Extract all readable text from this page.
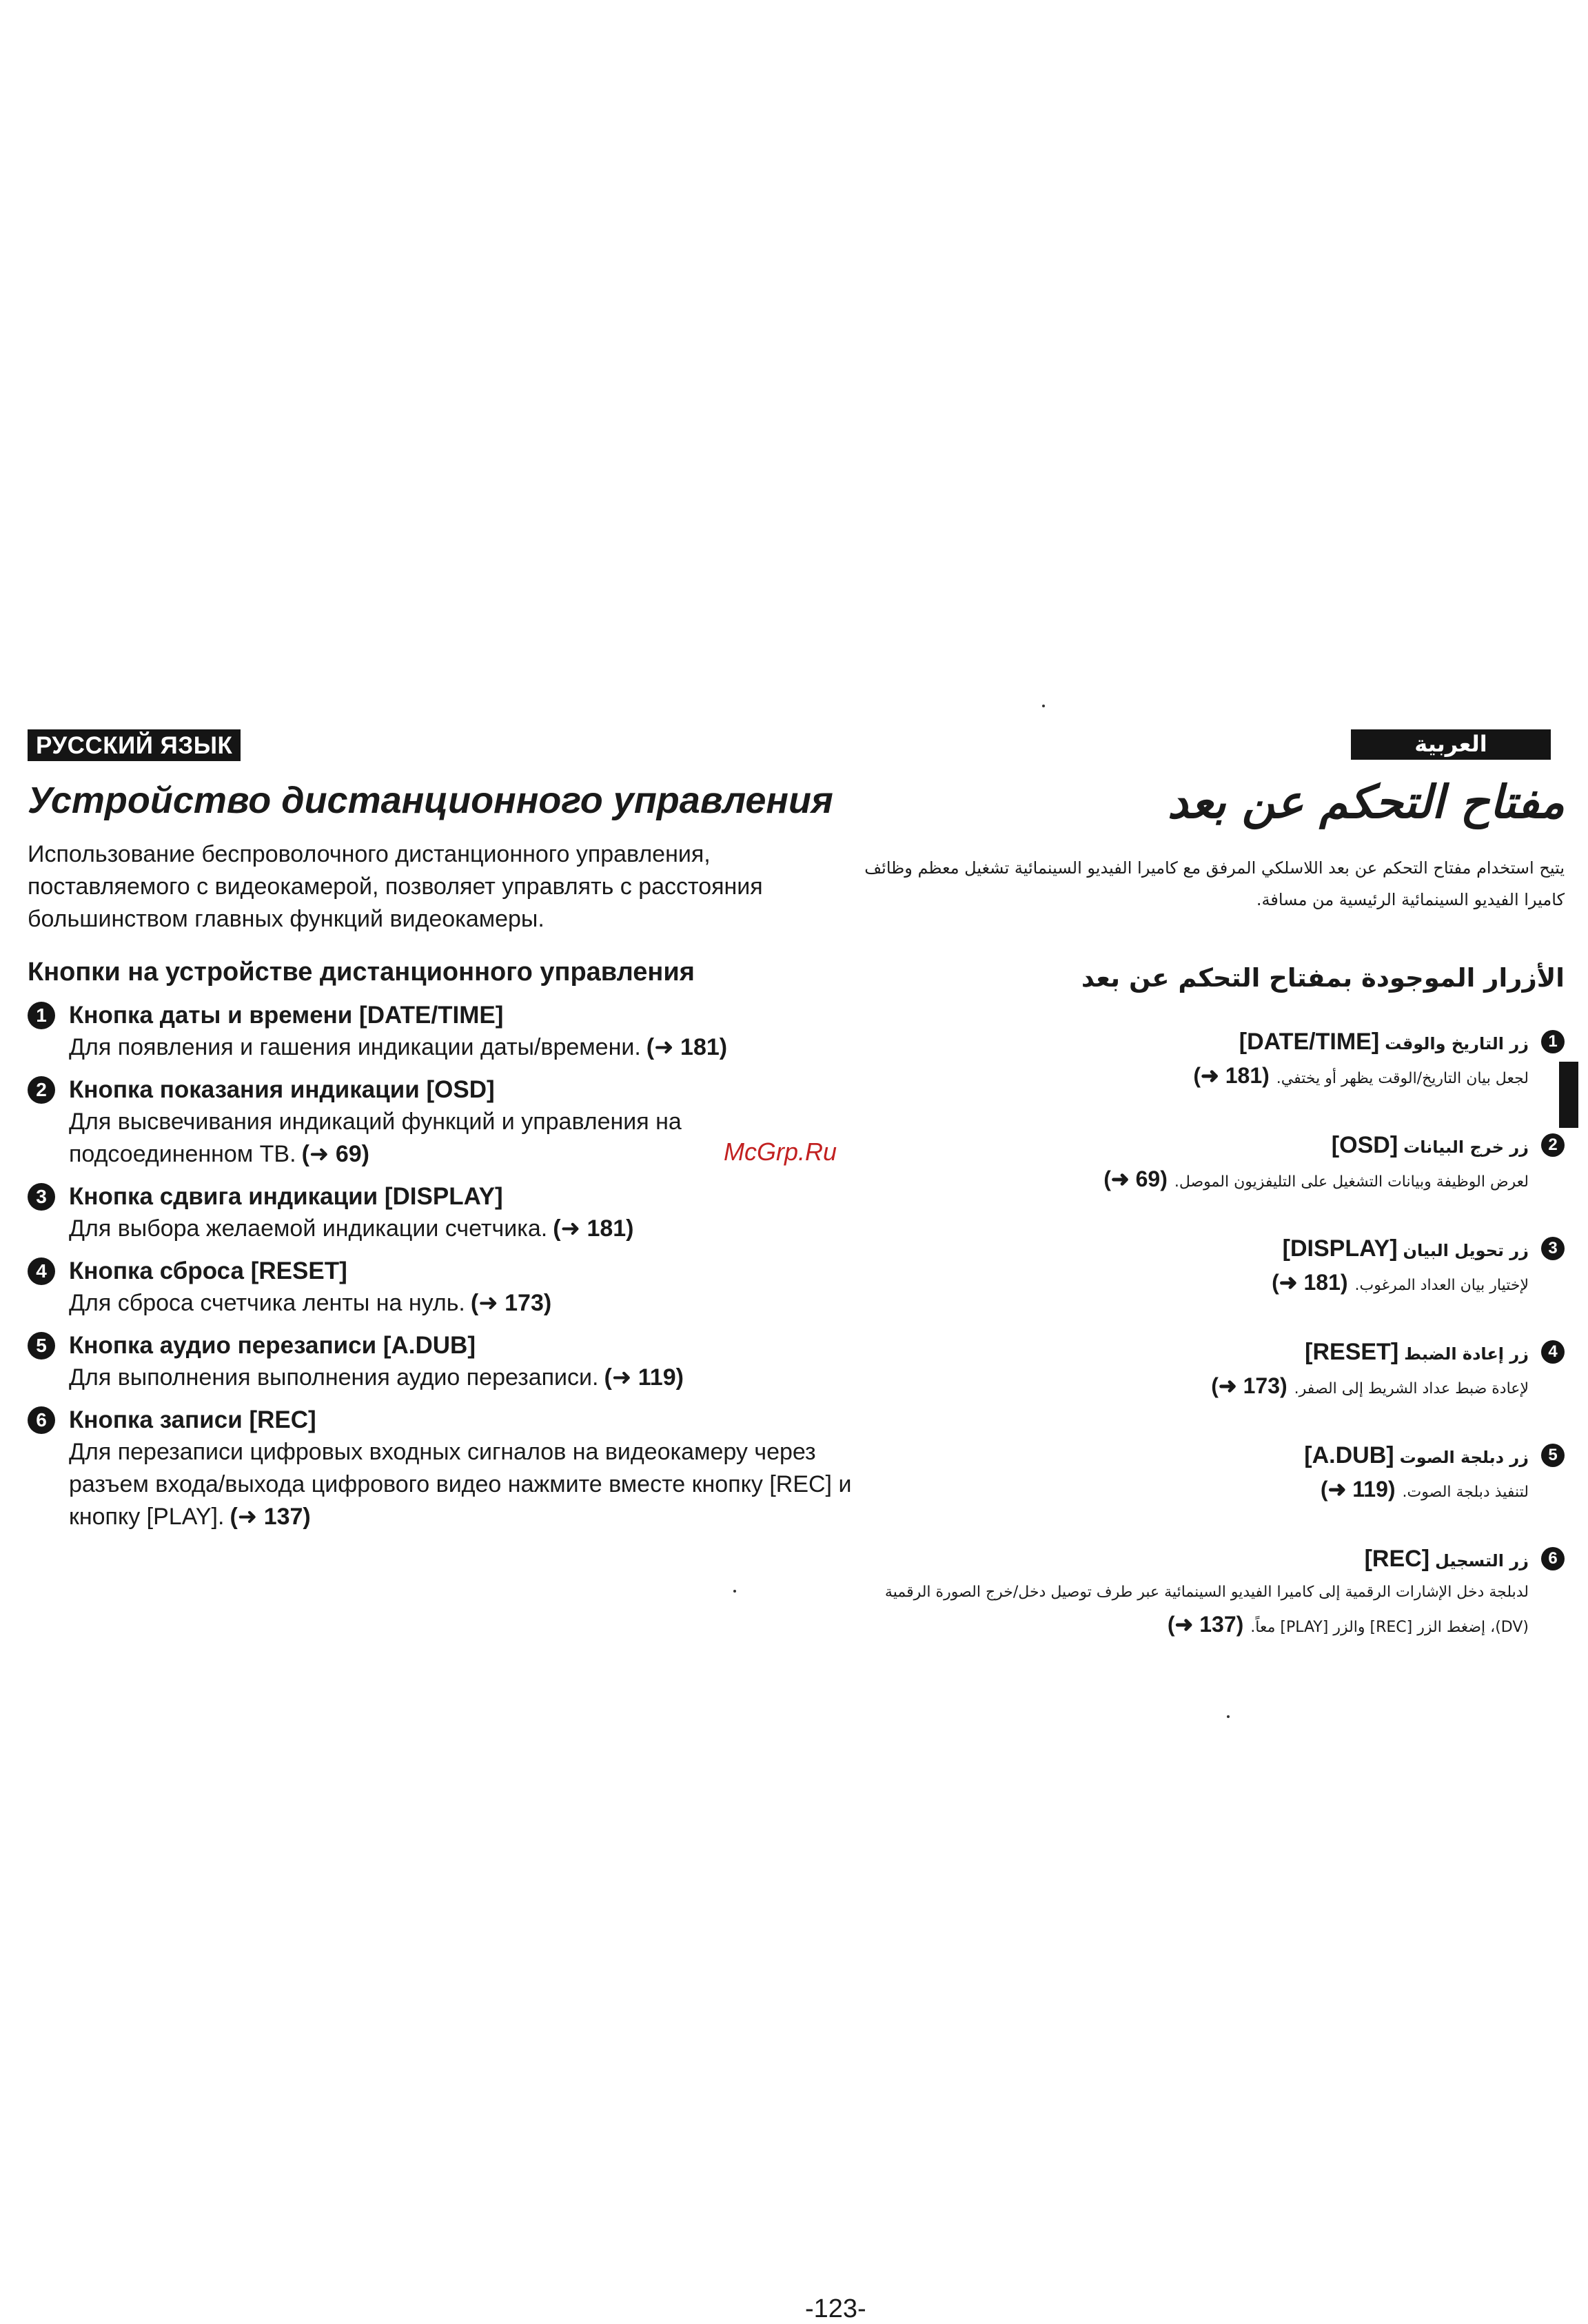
РУССКИЙ ЯЗЫК
Устройство дистанционного управления

Использование беспроволочного дистанционного управления, поставляемого с видеокамерой, позволяет управлять с расстояния большинством главных функций видеокамеры.

Кнопки на устройстве дистанционного управления
1 Кнопка даты и времени [DATE/TIME]
Для появления и гашения индикации даты/времени. (➜ 181)
2 Кнопка показания индикации [OSD]
Для высвечивания индикаций функций и управления на подсоединенном ТВ. (➜ 69)
3 Кнопка сдвига индикации [DISPLAY]
Для выбора желаемой индикации счетчика. (➜ 181)
4 Кнопка сброса [RESET]
Для сброса счетчика ленты на нуль. (➜ 173)
5 Кнопка аудио перезаписи [A.DUB]
Для выполнения выполнения аудио перезаписи. (➜ 119)
6 Кнопка записи [REC]
Для перезаписи цифровых входных сигналов на видеокамеру через разъем входа/выхода цифрового видео нажмите вместе кнопку [REC] и кнопку [PLAY]. (➜ 137)
McGrp.Ru
العربية
مفتاح التحكم عن بعد

يتيح استخدام مفتاح التحكم عن بعد اللاسلكي المرفق مع كاميرا الفيديو السينمائية تشغيل معظم وظائف كاميرا الفيديو السينمائية الرئيسية من مسافة.

الأزرار الموجودة بمفتاح التحكم عن بعد
1
زر التاريخ والوقت[DATE/TIME]
لجعل بيان التاريخ/الوقت يظهر أو يختفي.(➜ 181)
2
زر خرج البيانات[OSD]
لعرض الوظيفة وبيانات التشغيل على التليفزيون الموصل.(➜ 69)
3
زر تحويل البيان[DISPLAY]
لإختيار بيان العداد المرغوب.(➜ 181)
4
زر إعادة الضبط[RESET]
لإعادة ضبط عداد الشريط إلى الصفر.(➜ 173)
5
زر دبلجة الصوت[A.DUB]
لتنفيذ دبلجة الصوت.(➜ 119)
6
زر التسجيل[REC]
لدبلجة دخل الإشارات الرقمية إلى كاميرا الفيديو السينمائية عبر طرف توصيل دخل/خرج الصورة الرقمية (DV)، إضغط الزر [REC] والزر [PLAY] معاً.(➜ 137)
-123-
